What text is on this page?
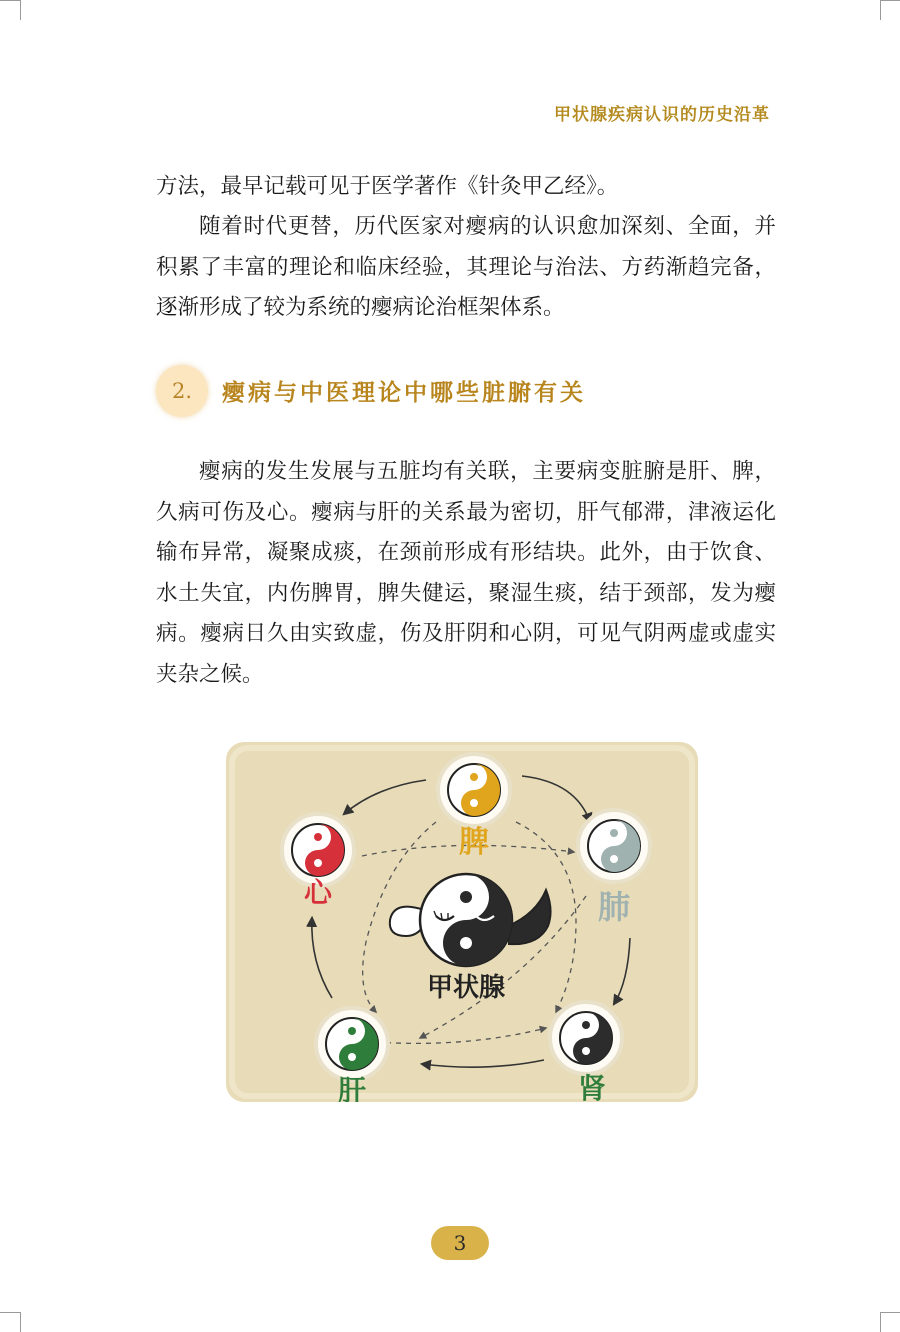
甲状腺疾病认识的历史沿革

方法，最早记载可见于医学著作《针灸甲乙经》。

随着时代更替，历代医家对瘿病的认识愈加深刻、全面，并积累了丰富的理论和临床经验，其理论与治法、方药渐趋完备，逐渐形成了较为系统的瘿病论治框架体系。

2.	瘿病与中医理论中哪些脏腑有关

瘿病的发生发展与五脏均有关联，主要病变脏腑是肝、脾，久病可伤及心。瘿病与肝的关系最为密切，肝气郁滞，津液运化输布异常，凝聚成痰，在颈前形成有形结块。此外，由于饮食、水土失宜，内伤脾胃，脾失健运，聚湿生痰，结于颈部，发为瘿病。瘿病日久由实致虚，伤及肝阴和心阴，可见气阴两虚或虚实夹杂之候。

脾
肺
肾
肝
心
甲状腺
3
